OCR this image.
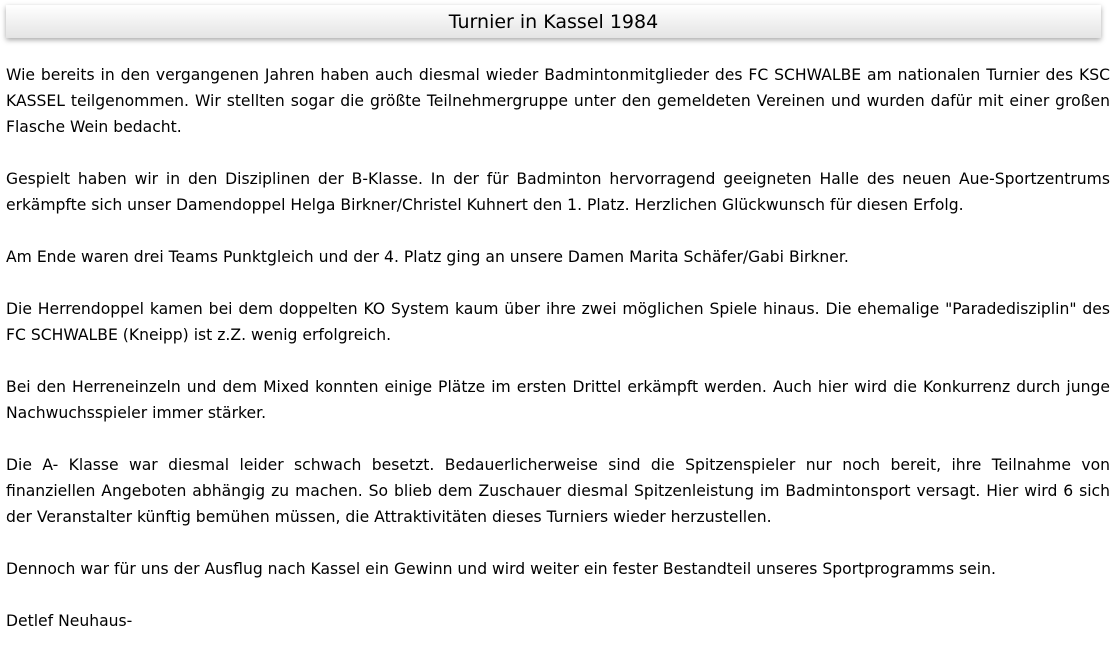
Turnier in Kassel 1984

Wie bereits in den vergangenen Jahren haben auch diesmal wieder Badmintonmitglieder des FC SCHWALBE am nationalen Turnier des KSC KASSEL teilgenommen. Wir stellten sogar die größte Teilnehmergruppe unter den gemeldeten Vereinen und wurden dafür mit einer großen Flasche Wein bedacht.

Gespielt haben wir in den Disziplinen der B-Klasse. In der für Badminton hervorragend geeigneten Halle des neuen Aue-Sportzentrums erkämpfte sich unser Damendoppel Helga Birkner/Christel Kuhnert den 1. Platz. Herzlichen Glückwunsch für diesen Erfolg.

Am Ende waren drei Teams Punktgleich und der 4. Platz ging an unsere Damen Marita Schäfer/Gabi Birkner.

Die Herrendoppel kamen bei dem doppelten KO System kaum über ihre zwei möglichen Spiele hinaus. Die ehemalige "Paradedisziplin" des FC SCHWALBE (Kneipp) ist z.Z. wenig erfolgreich.

Bei den Herreneinzeln und dem Mixed konnten einige Plätze im ersten Drittel erkämpft werden. Auch hier wird die Konkurrenz durch junge Nachwuchsspieler immer stärker.

Die A- Klasse war diesmal leider schwach besetzt. Bedauerlicherweise sind die Spitzenspieler nur noch bereit, ihre Teilnahme von finanziellen Angeboten abhängig zu machen. So blieb dem Zuschauer diesmal Spitzenleistung im Badmintonsport versagt. Hier wird 6 sich der Veranstalter künftig bemühen müssen, die Attraktivitäten dieses Turniers wieder herzustellen.

Dennoch war für uns der Ausflug nach Kassel ein Gewinn und wird weiter ein fester Bestandteil unseres Sportprogramms sein.

Detlef Neuhaus-
